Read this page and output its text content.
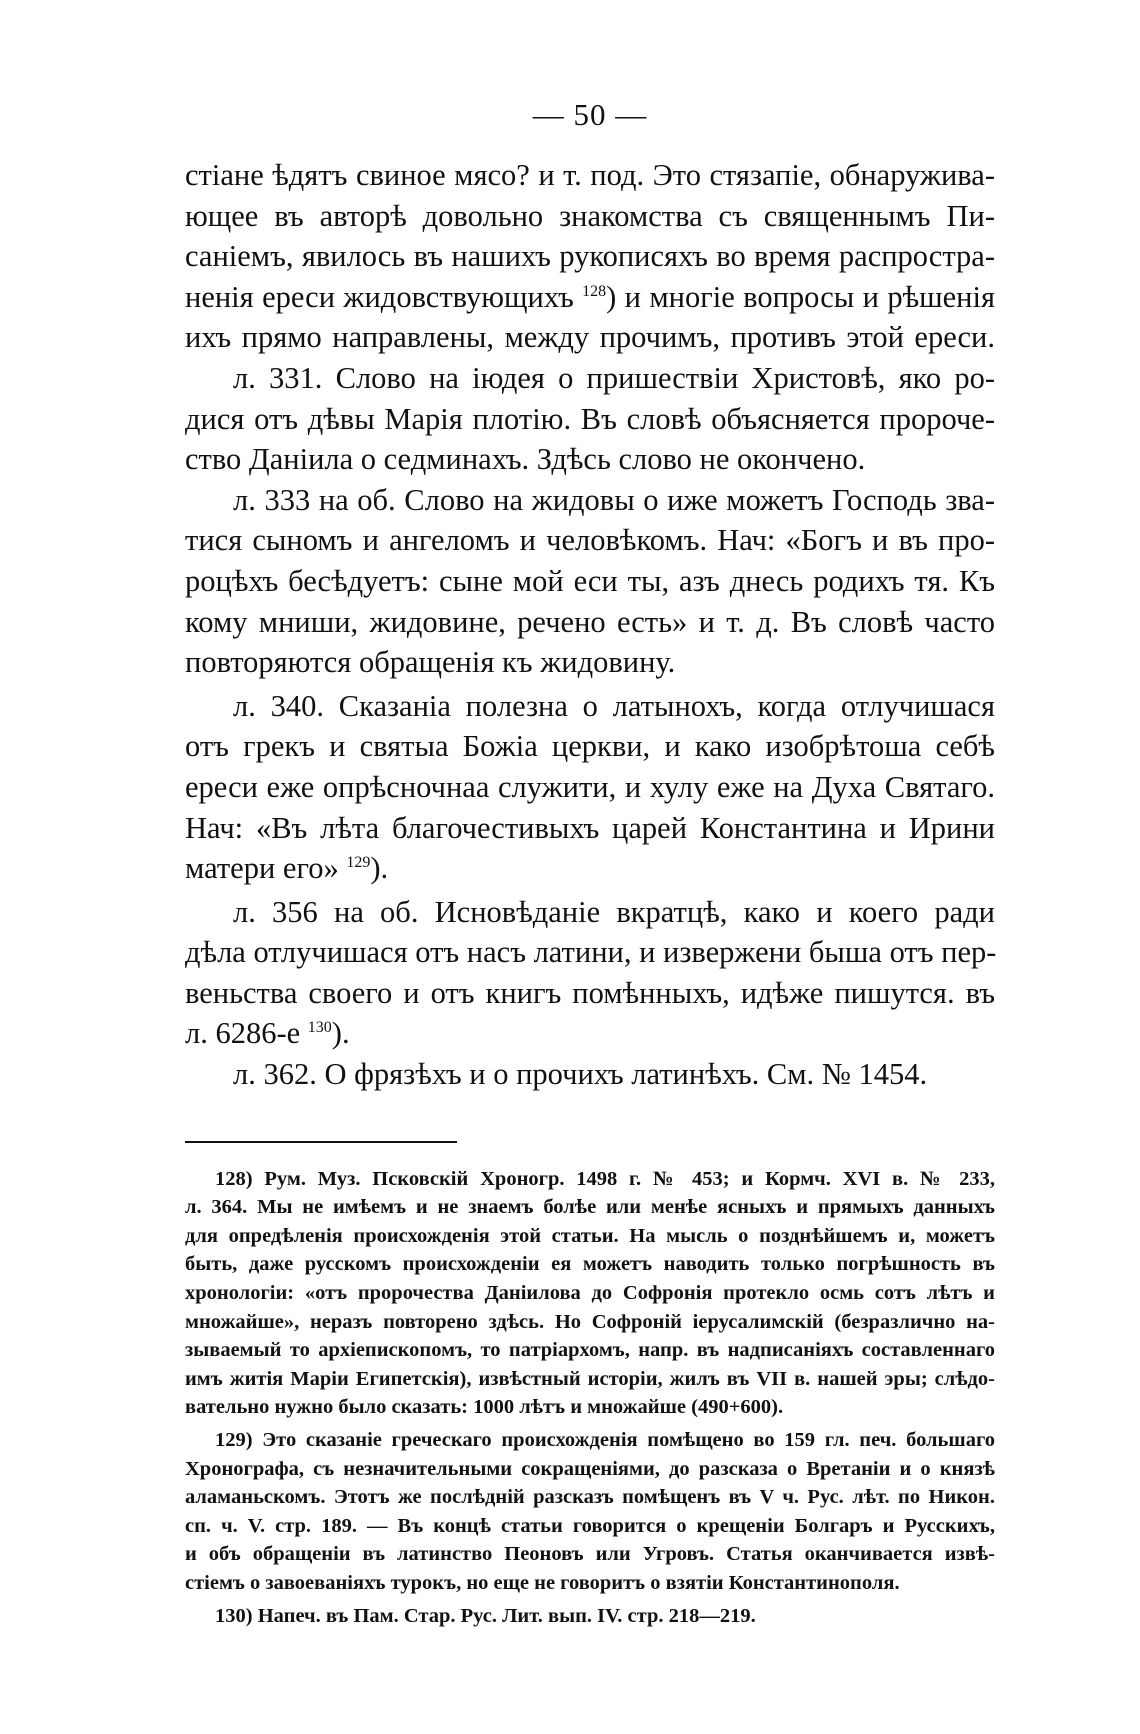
— 50 —
стіане ѣдятъ свиное мясо? и т. под. Это стязапіе, обнаружива-
ющее въ авторѣ довольно знакомства съ священнымъ Пи-
саніемъ, явилось въ нашихъ рукописяхъ во время распростра-
ненія ереси жидовствующихъ $^{128}$) и многіе вопросы и рѣшенія
ихъ прямо направлены, между прочимъ, противъ этой ереси.
л. 331. Слово на іюдея о пришествіи Христовѣ, яко ро-
дися отъ дѣвы Марія плотію. Въ словѣ объясняется пророче-
ство Даніила о седминахъ. Здѣсь слово не окончено.
л. 333 на об. Слово на жидовы о иже можетъ Господь зва-
тися сыномъ и ангеломъ и человѣкомъ. Нач: «Богъ и въ про-
роцѣхъ бесѣдуетъ: сыне мой еси ты, азъ днесь родихъ тя. Къ
кому мниши, жидовине, речено есть» и т. д. Въ словѣ часто
повторяются обращенія къ жидовину.
л. 340. Сказаніа полезна о латынохъ, когда отлучишася
отъ грекъ и святыа Божіа церкви, и како изобрѣтоша себѣ
ереси еже опрѣсночнаа служити, и хулу еже на Духа Святаго.
Нач: «Въ лѣта благочестивыхъ царей Константина и Ирини
матери его» $^{129}$).
л. 356 на об. Исновѣданіе вкратцѣ, како и коего ради
дѣла отлучишася отъ насъ латини, и извержени быша отъ пер-
веньства своего и отъ книгъ помѣнныхъ, идѣже пишутся. въ
л. 6286-е $^{130}$).
л. 362. О фрязѣхъ и о прочихъ латинѣхъ. См. № 1454.
128) Рум. Муз. Псковскій Хроногр. 1498 г. № 453; и Кормч. XVI в. № 233,
л. 364. Мы не имѣемъ и не знаемъ болѣе или менѣе ясныхъ и прямыхъ данныхъ
для опредѣленія происхожденія этой статьи. На мысль о позднѣйшемъ и, можетъ
быть, даже русскомъ происхожденіи ея можетъ наводить только погрѣшность въ
хронологіи: «отъ пророчества Даніилова до Софронія протекло осмь сотъ лѣтъ и
множайше», неразъ повторено здѣсь. Но Софроній іерусалимскій (безразлично на-
зываемый то архіепископомъ, то патріархомъ, напр. въ надписаніяхъ составленнаго
имъ житія Маріи Египетскія), извѣстный исторіи, жилъ въ VII в. нашей эры; слѣдо-
вательно нужно было сказать: 1000 лѣтъ и множайше (490+600).
129) Это сказаніе греческаго происхожденія помѣщено во 159 гл. печ. большаго
Хронографа, съ незначительными сокращеніями, до разсказа о Вретаніи и о князѣ
аламаньскомъ. Этотъ же послѣдній разсказъ помѣщенъ въ V ч. Рус. лѣт. по Никон.
сп. ч. V. стр. 189. — Въ концѣ статьи говорится о крещеніи Болгаръ и Русскихъ,
и объ обращеніи въ латинство Пеоновъ или Угровъ. Статья оканчивается извѣ-
стіемъ о завоеваніяхъ турокъ, но еще не говоритъ о взятіи Константинополя.
130) Напеч. въ Пам. Стар. Рус. Лит. вып. IV. стр. 218—219.
